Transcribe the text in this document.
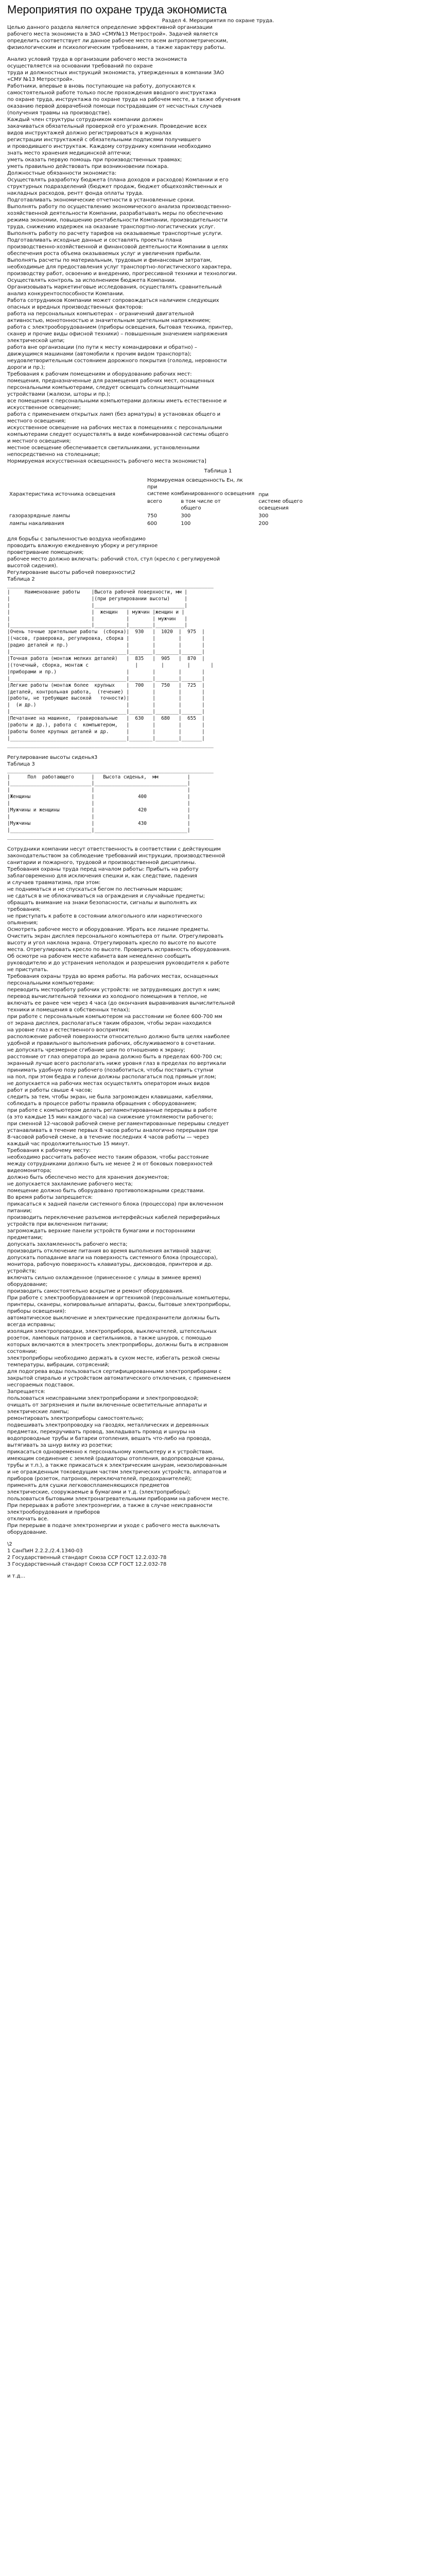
Мероприятия по охране труда экономиста
Раздел 4. Мероприятия по охране труда.
Целью данного раздела является определение эффективной организации
рабочего места экономиста в ЗАО «СМУ№13 Метрострой». Задачей является
определить соответствует ли данное рабочее место всем антропометрическим,
физиологическим и психологическим требованиям, а также характеру работы.
Анализ условий труда в организации рабочего места экономиста
осуществляется на основании требований по охране
труда и должностных инструкций экономиста, утвержденных в компании ЗАО
«СМУ №13 Метрострой».
Работники, впервые в вновь поступающие на работу, допускаются к
самостоятельной работе только после прохождения вводного инструктажа
по охране труда, инструктажа по охране труда на рабочем месте, а также обучения
оказанию первой доврачебной помощи пострадавшим от несчастных случаев
(получения травмы на производстве).
Каждый член структуры сотрудником компании должен
закачиваться обязательный проверкой его угражения. Проведение всех
видов инструктажей должно регистрироваться в журналах
регистрации инструктажей с обязательными подписями получившего
и проводившего инструктаж. Каждому сотруднику компании необходимо
знать место хранения медицинской аптечки;
уметь оказать первую помощь при производственных травмах;
уметь правильно действовать при возникновении пожара.
Должностные обязанности экономиста:
Осуществлять разработку бюджета (плана доходов и расходов) Компании и его
структурных подразделений (бюджет продаж, бюджет общехозяйственных и
накладных расходов, рентт фонда оплаты труда.
Подготавливать экономические отчетности в установленные сроки.
Выполнять работу по осуществлению экономического анализа производственно-
хозяйственной деятельности Компании, разрабатывать меры по обеспечению
режима экономии, повышению рентабельности Компании, производительности
труда, снижению издержек на оказание транспортно-логистических услуг.
Выполнять работу по расчету тарифов на оказываемые транспортные услуги.
Подготавливать исходные данные и составлять проекты плана
производственно-хозяйственной и финансовой деятельности Компании в целях
обеспечения роста объема оказываемых услуг и увеличения прибыли.
Выполнять расчеты по материальным, трудовым и финансовым затратам,
необходимые для предоставления услуг транспортно-логистического характера,
производству работ, освоению и внедрению, прогрессивной техники и технологии.
Осуществлять контроль за исполнением бюджета Компании.
Организовывать маркетинговые исследования, осуществлять сравнительный
анализ конкурентоспособности Компании.
Работа сотрудников Компании может сопровождаться наличием следующих
опасных и вредных производственных факторов:
работа на персональных компьютерах – ограничений двигательной
активностью, монотонностью и значительным зрительным напряжением;
работа с электрооборудованием (приборы освещения, бытовая техника, принтер,
сканер и прочие виды офисной техники) – повышенным значением напряжения
электрической цепи;
работа вне организации (по пути к месту командировки и обратно) –
движущимся машинами (автомобили к прочим видом транспорта);
неудовлетворительным состоянием дорожного покрытия (гололед, неровности
дороги и пр.);
Требования к рабочим помещениям и оборудованию рабочих мест:
помещения, предназначенные для размещения рабочих мест, оснащенных
персональными компьютерами, следует освещать солнцезащитными
устройствами (жалюзи, шторы и пр.);
все помещения с персональными компьютерами должны иметь естественное и
искусственное освещение;
работа с применением открытых ламп (без арматуры) в установках общего и
местного освещения;
искусственное освещение на рабочих местах в помещениях с персональными
компьютерами следует осуществлять в виде комбинированной системы общего
и местного освещения;
местное освещение обеспечивается светильниками, установленными
непосредственно на столешнице;
Нормируемая искусственная освещенность рабочего места экономиста]
Таблица 1
Характеристика источника освещения	Нормируемая освещенность Ен, лк
при
системе комбинированного освещения		при
системе общего
освещения
	всего	в том числе от
общего	
газоразрядные лампы	750	300	300
лампы накаливания	600	100	200
для борьбы с запыленностью воздуха необходимо
проводить влажную ежедневную уборку и регулярное
проветривание помещения;
рабочее место должно включать: рабочий стол, стул (кресло с регулируемой
высотой сидения).
Регулирование высоты рабочей поверхности\2
Таблица 2
_______________________________________________________________________
|     Наименование работы    |Высота рабочей поверхности, мм |
|                            |(при регулировании высоты)     |
|                            |_______________________________|
|                            |  женщин   | мужчин |женщин и |
|                            |           |        | мужчин   |
|____________________________|___________|________|__________|
|Очень точные зрительные работы  (сборка)|  930   |  1020  |  975  |
|(часов, граверовка, регулировка, сборка |        |        |       |
|радио деталей и пр.)                    |        |        |       |
|________________________________________|________|________|_______|
|Точная работа (монтаж мелких деталей)   |  835   |  905   |  870  |
|(точечный, сборка, монтаж с                |        |        |       |
|приборами и пр.)                        |        |        |       |
|________________________________________|________|________|_______|
|Легкие работы (монтаж более  крупных    |  700   |  750   |  725  |
|деталей, контрольная работа,  (течение) |        |        |       |
|работы, не требующие высокой   точности)|        |        |       |
|  (и др.)                               |        |        |       |
|________________________________________|________|________|_______|
|Печатание на машинке,  гравировальные   |  630   |  680   |  655  |
|работы и др.), работа с  компьютером,   |        |        |       |
|работы более крупных деталей и др.      |        |        |       |
|________________________________________|________|________|_______|
_______________________________________________________________________
Регулирование высоты сиденья3
Таблица 3
_______________________________________________________________________
|      Пол  работающего      |   Высота сиденья,  мм          |
|____________________________|________________________________|
|                            |                                |
|Женщины                     |               400              |
|                            |                                |
|Мужчины и женщины           |               420              |
|                            |                                |
|Мужчины                     |               430              |
|____________________________|________________________________|
_______________________________________________________________________
Сотрудники компании несут ответственность в соответствии с действующим
законодательством за соблюдение требований инструкции, производственной
санитарии и пожарного, трудовой и производственной дисциплины.
Требования охраны труда перед началом работы: Прибыть на работу
заблаговременно для исключения спешки и, как следствие, падения
и случаев травматизма, при этом:
не подниматься и не спускаться бегом по лестничным маршам;
не сдаться в не облокачиваться на ограждения и случайные предметы;
обращать внимание на знаки безопасности, сигналы и выполнять их
требования;
не приступать к работе в состоянии алкогольного или наркотического
опьянения;
Осмотреть рабочее место и оборудование. Убрать все лишние предметы.
Очистить экран дисплея персонального компьютера от пыли. Отрегулировать
высоту и угол наклона экрана. Отрегулировать кресло по высоте по высоте
места. Отрегулировать кресло по высоте. Проверить исправность оборудования.
Об осмотре на рабочем месте кабинета вам немедленно сообщить
руководителю и до устранения неполадок и разрешения руководителя к работе
не приступать.
Требования охраны труда во время работы. На рабочих местах, оснащенных
персональными компьютерами:
переводить местоработу рабочих устройств: не затрудняющих доступ к ним;
перевод вычислительной техники из холодного помещения в теплое, не
включать ее ранее чем через 4 часа (до окончания выравнивания вычислительной
техники и помещения в собственных телах);
при работе с персональным компьютером на расстоянии не более 600-700 мм
от экрана дисплея, располагаться таким образом, чтобы экран находился
на уровне глаз и естественного восприятия;
расположение рабочей поверхности относительно должно бытв целях наиболее
удобной и правильного выполнения рабочих, обслуживаемого в сочетании.
не допускать чрезмерное сгибание шеи по отношению к экрану;
расстояние от глаз оператора до экрана должно быть в пределах 600-700 см;
экранный лучше всего располагать ниже уровня глаз в пределах по вертикали
принимать удобную позу рабочего (позаботиться, чтобы поставить ступни
на пол, при этом бедра и голени должны располагаться под прямым углом;
не допускается на рабочих местах осуществлять оператором иных видов
работ и работы свыше 4 часов;
следить за тем, чтобы экран, не была загроможден клавишами, кабелями,
соблюдать в процессе работы правила обращения с оборудованием;
при работе с компьютером делать регламентированные перерывы в работе
(а это каждые 15 мин каждого часа) на снижение утомляемости рабочего;
при сменной 12-часовой рабочей смене регламентированные перерывы следует
устанавливать в течение первых 8 часов работы аналогично перерывам при
8-часовой рабочей смене, а в течение последних 4 часов работы — через
каждый час продолжительностью 15 минут.
Требования к рабочему месту:
необходимо рассчитать рабочее место таким образом, чтобы расстояние
между сотрудниками должно быть не менее 2 м от боковых поверхностей
видеомонитора;
должно быть обеспечено место для хранения документов;
не допускается захламление рабочего места;
помещение должно быть оборудовано противопожарными средствами.
Во время работы запрещается:
прикасаться к задней панели системного блока (процессора) при включенном
питании;
производить переключение разъемов интерфейсных кабелей периферийных
устройств при включенном питании;
загромождать верхние панели устройств бумагами и посторонними
предметами;
допускать захламленность рабочего места;
производить отключение питания во время выполнения активной задачи;
допускать попадание влаги на поверхность системного блока (процессора),
монитора, рабочую поверхность клавиатуры, дисководов, принтеров и др.
устройств;
включать сильно охлажденное (принесенное с улицы в зимнее время)
оборудование;
производить самостоятельно вскрытие и ремонт оборудования.
При работе с электрооборудованием и оргтехникой (персональные компьютеры,
принтеры, сканеры, копировальные аппараты, факсы, бытовые электроприборы,
приборы освещения):
автоматическое выключение и электрические предохранители должны быть
всегда исправны;
изоляция электропроводки, электроприборов, выключателей, штепсельных
розеток, ламповых патронов и светильников, а также шнуров, с помощью
которых включаются в электросеть электроприборы, должны быть в исправном
состоянии;
электроприборы необходимо держать в сухом месте, избегать резкой смены
температуры, вибрации, сотрясений;
для подогрева воды пользоваться сертифицированными электроприборами с
закрытой спиралью и устройством автоматического отключения, с применением
несгораемых подставок.
Запрещается:
пользоваться неисправными электроприборами и электропроводкой;
очищать от загрязнения и пыли включенные осветительные аппараты и
электрические лампы;
ремонтировать электроприборы самостоятельно;
подвешивать электропроводку на гвоздях, металлических и деревянных
предметах, перекручивать провод, закладывать провод и шнуры на
водопроводные трубы и батареи отопления, вешать что-либо на провода,
вытягивать за шнур вилку из розетки;
прикасаться одновременно к персональному компьютеру и к устройствам,
имеющим соединение с землей (радиаторы отопления, водопроводные краны,
трубы и т.п.), а также прикасаться к электрическим шнурам, неизолированным
и не огражденным токоведущим частям электрических устройств, аппаратов и
приборов (розеток, патронов, переключателей, предохранителей);
применять для сушки легковоспламеняющихся предметов
электрические, сооружаемые в бумагами и т.д. (электроприборы);
пользоваться бытовыми электронагревательными приборами на рабочем месте.
При перерывах в работе электроэнергии, а также в случае неисправности
электрооборудования и приборов
отключать все.
При перерыве в подаче электроэнергии и уходе с рабочего места выключать
оборудование.
\2
1 СанПиН 2.2.2./2.4.1340-03
2 Государственный стандарт Союза ССР ГОСТ 12.2.032-78
3 Государственный стандарт Союза ССР ГОСТ 12.2.032-78
и т.д...
